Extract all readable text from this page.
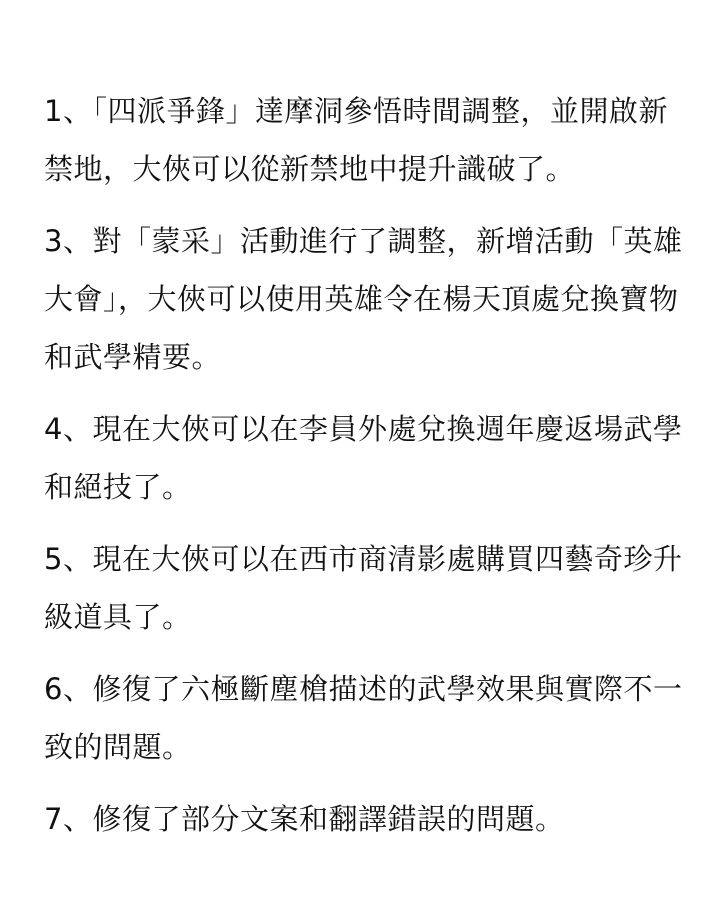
1、「四派爭鋒」達摩洞參悟時間調整，並開啟新禁地，大俠可以從新禁地中提升識破了。
3、對「蒙采」活動進行了調整，新增活動「英雄大會」，大俠可以使用英雄令在楊天頂處兌換寶物和武學精要。
4、現在大俠可以在李員外處兌換週年慶返場武學和絕技了。
5、現在大俠可以在西市商清影處購買四藝奇珍升級道具了。
6、修復了六極斷塵槍描述的武學效果與實際不一致的問題。
7、修復了部分文案和翻譯錯誤的問題。
